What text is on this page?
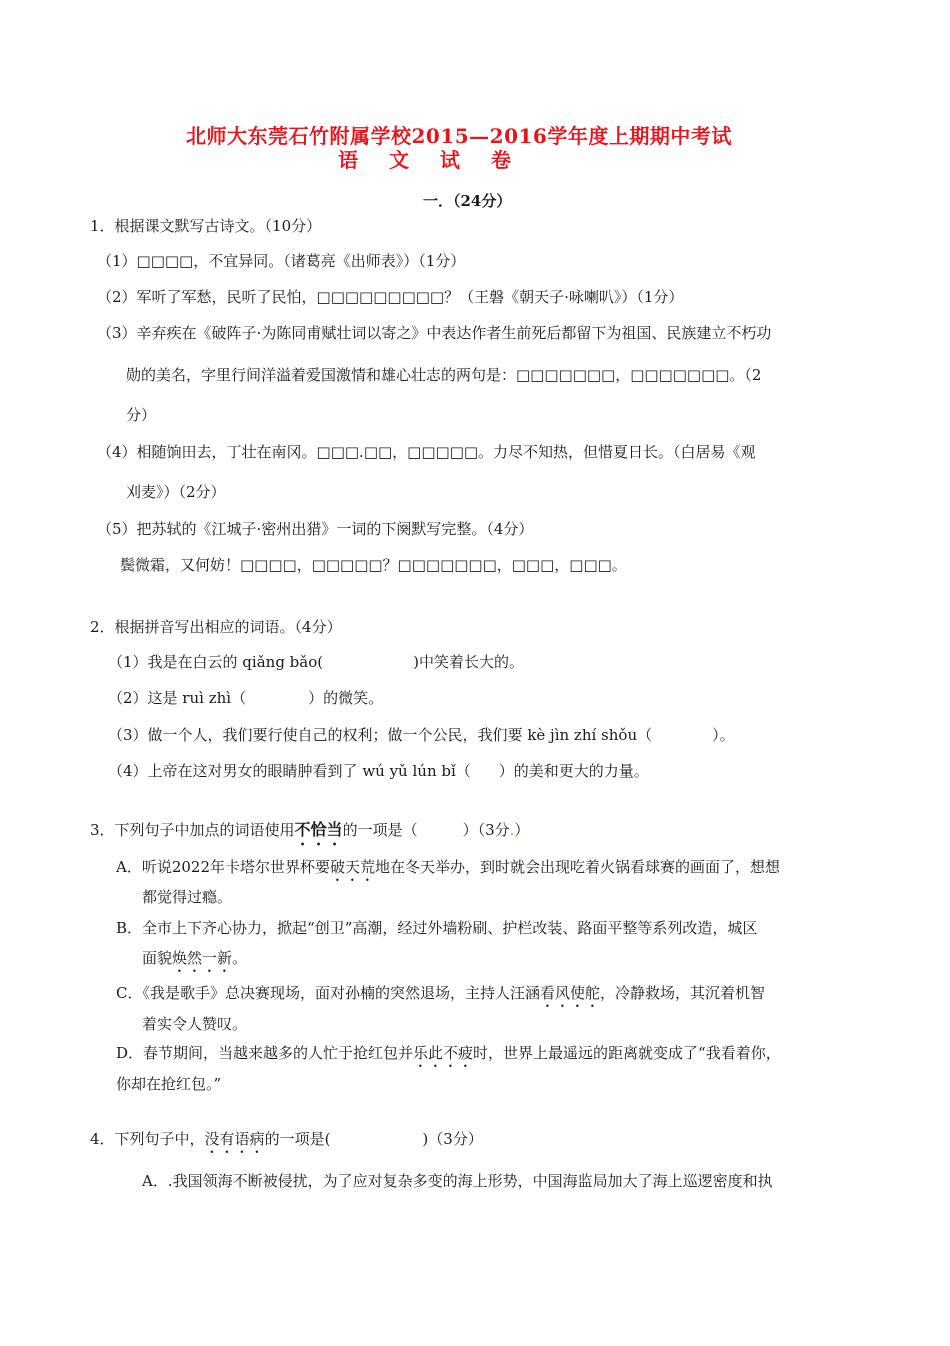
北师大东莞石竹附属学校2015—2016学年度上期期中考试
语 文 试 卷
一．（24分）
1．根据课文默写古诗文。（10分）
（1）□□□□，不宜异同。（诸葛亮《出师表》）（1分）
（2）军听了军愁，民听了民怕，□□□□□□□□□？（王磐《朝天子·咏喇叭》）（1分）
（3）辛弃疾在《破阵子·为陈同甫赋壮词以寄之》中表达作者生前死后都留下为祖国、民族建立不朽功
勋的美名，字里行间洋溢着爱国激情和雄心壮志的两句是：□□□□□□□，□□□□□□□。（2
分）
（4）相随饷田去，丁壮在南冈。□□□.□□，□□□□□。力尽不知热，但惜夏日长。（白居易《观
刈麦》）（2分）
（5）把苏轼的《江城子·密州出猎》一词的下阕默写完整。（4分）
鬓微霜，又何妨！□□□□，□□□□□？□□□□□□□，□□□，□□□。
2．根据拼音写出相应的词语。（4分）
（1）我是在白云的 qiǎng bǎo(	)中笑着长大的。
（2）这是 ruì zhì（	）的微笑。
（3）做一个人，我们要行使自己的权利；做一个公民，我们要 kè jìn zhí shǒu（	）。
（4）上帝在这对男女的眼睛肿看到了 wú yǔ lún bǐ（ ）的美和更大的力量。
3．下列句子中加点的词语使用不恰当的一项是（　　　）（3分.）
A．听说2022年卡塔尔世界杯要破天荒地在冬天举办，到时就会出现吃着火锅看球赛的画面了，想想
都觉得过瘾。
B．全市上下齐心协力，掀起“创卫”高潮，经过外墙粉刷、护栏改装、路面平整等系列改造，城区
面貌焕然一新。
C．《我是歌手》总决赛现场，面对孙楠的突然退场，主持人汪涵看风使舵，冷静救场，其沉着机智
着实令人赞叹。
D．春节期间，当越来越多的人忙于抢红包并乐此不疲时，世界上最遥远的距离就变成了“我看着你，
你却在抢红包。”
4．下列句子中，没有语病的一项是(	)（3分）
A．.我国领海不断被侵扰，为了应对复杂多变的海上形势，中国海监局加大了海上巡逻密度和执
